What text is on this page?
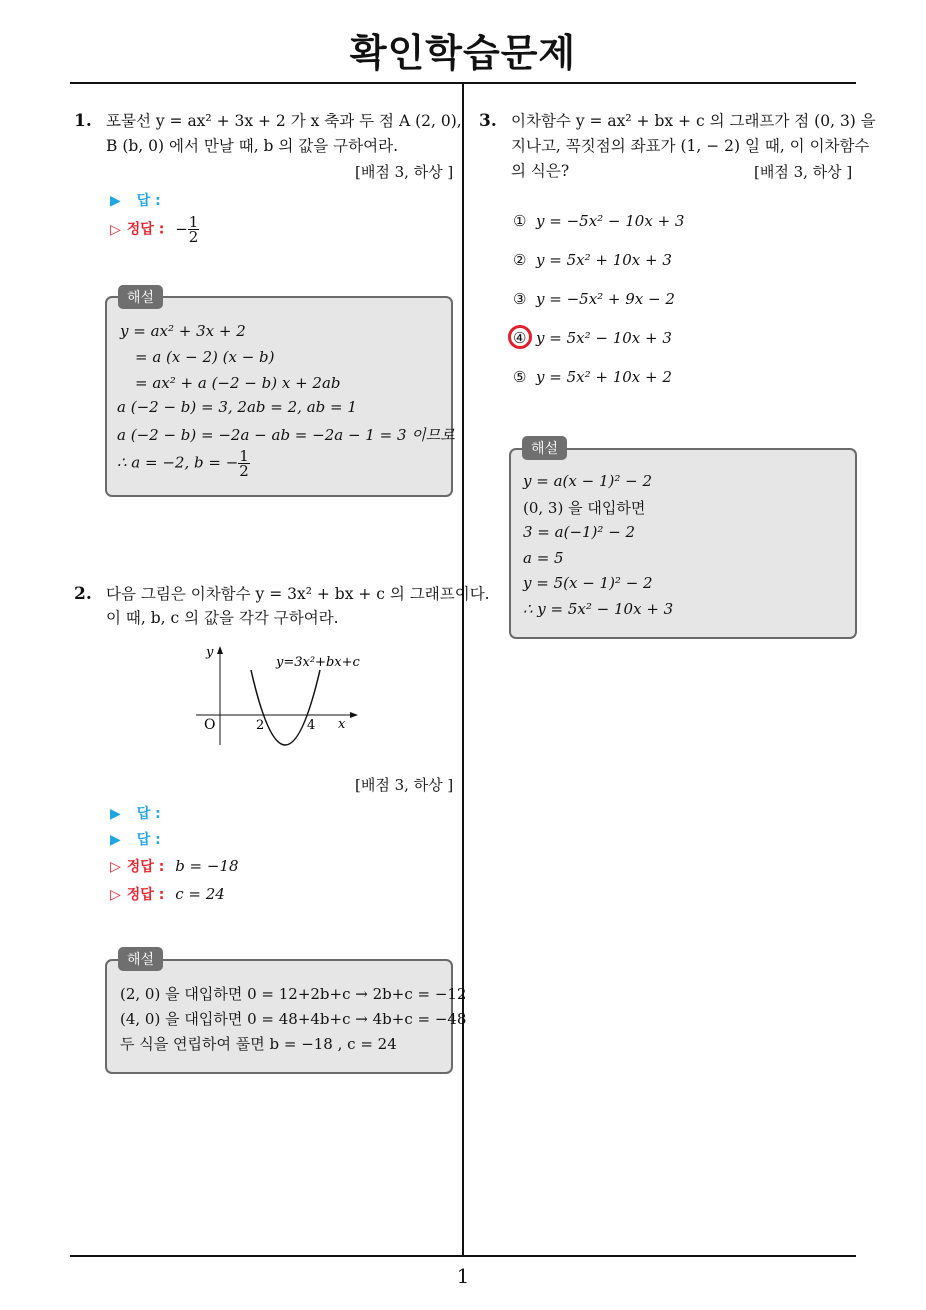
확인학습문제
1. 포물선 y = ax² + 3x + 2 가 x 축과 두 점 A (2, 0),
B (b, 0) 에서 만날 때, b 의 값을 구하여라.
[배점 3, 하상 ]
▶ 답 :
▷ 정답 : − $\frac{1}{2}$
y = ax² + 3x + 2
= a (x − 2) (x − b)
= ax² + a (−2 − b) x + 2ab
a (−2 − b) = 3, 2ab = 2, ab = 1
a (−2 − b) = −2a − ab = −2a − 1 = 3 이므로
∴ a = −2, b = − $\frac{1}{2}$
해설
2. 다음 그림은 이차함수 y = 3x² + bx + c 의 그래프이다.
이 때, b, c 의 값을 각각 구하여라.
y
x
O	2	4
y=3x²+bx+c
[배점 3, 하상 ]
▶ 답 :
▶ 답 :
▷ 정답 : b = −18
▷ 정답 : c = 24
(2, 0) 을 대입하면 0 = 12+2b+c → 2b+c = −12
(4, 0) 을 대입하면 0 = 48+4b+c → 4b+c = −48
두 식을 연립하여 풀면 b = −18 , c = 24
해설
3. 이차함수 y = ax² + bx + c 의 그래프가 점 (0, 3) 을
지나고, 꼭짓점의 좌표가 (1, − 2) 일 때, 이 이차함수
의 식은?	[배점 3, 하상 ]
① y = −5x² − 10x + 3
② y = 5x² + 10x + 3
③ y = −5x² + 9x − 2
④ y = 5x² − 10x + 3
⑤ y = 5x² + 10x + 2
y = a(x − 1)² − 2
(0, 3) 을 대입하면
3 = a(−1)² − 2
a = 5
y = 5(x − 1)² − 2
∴ y = 5x² − 10x + 3
해설
1
